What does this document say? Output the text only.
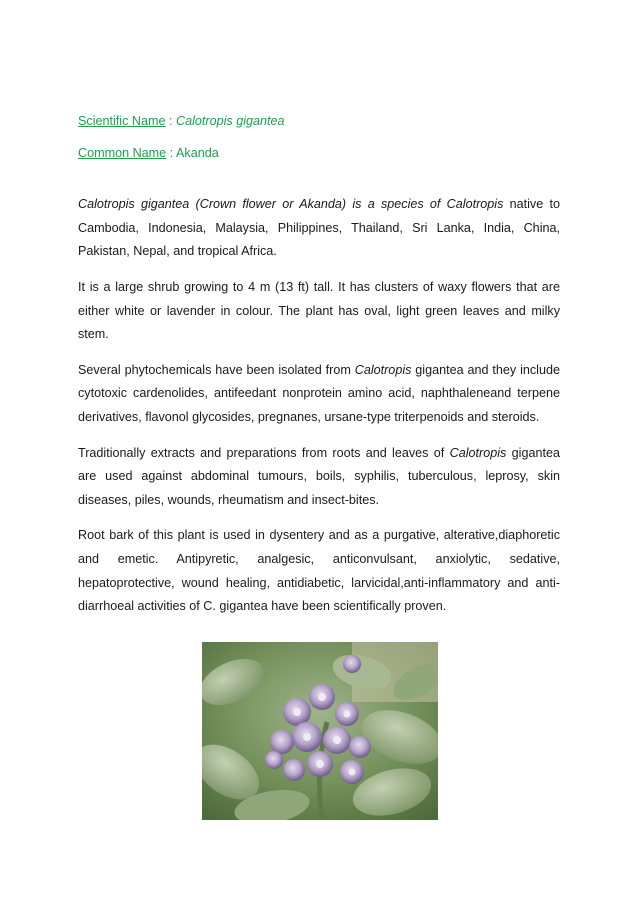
Scientific Name : Calotropis gigantea

Common Name : Akanda

Calotropis gigantea (Crown flower or Akanda) is a species of Calotropis native to Cambodia, Indonesia, Malaysia, Philippines, Thailand, Sri Lanka, India, China, Pakistan, Nepal, and tropical Africa.

It is a large shrub growing to 4 m (13 ft) tall. It has clusters of waxy flowers that are either white or lavender in colour. The plant has oval, light green leaves and milky stem.

Several phytochemicals have been isolated from Calotropis gigantea and they include cytotoxic cardenolides, antifeedant nonprotein amino acid, naphthaleneand terpene derivatives, flavonol glycosides, pregnanes, ursane-type triterpenoids and steroids.

Traditionally extracts and preparations from roots and leaves of Calotropis gigantea are used against abdominal tumours, boils, syphilis, tuberculous, leprosy, skin diseases, piles, wounds, rheumatism and insect-bites.

Root bark of this plant is used in dysentery and as a purgative, alterative,diaphoretic and emetic. Antipyretic, analgesic, anticonvulsant, anxiolytic, sedative, hepatoprotective, wound healing, antidiabetic, larvicidal,anti-inflammatory and anti-diarrhoeal activities of C. gigantea have been scientifically proven.
